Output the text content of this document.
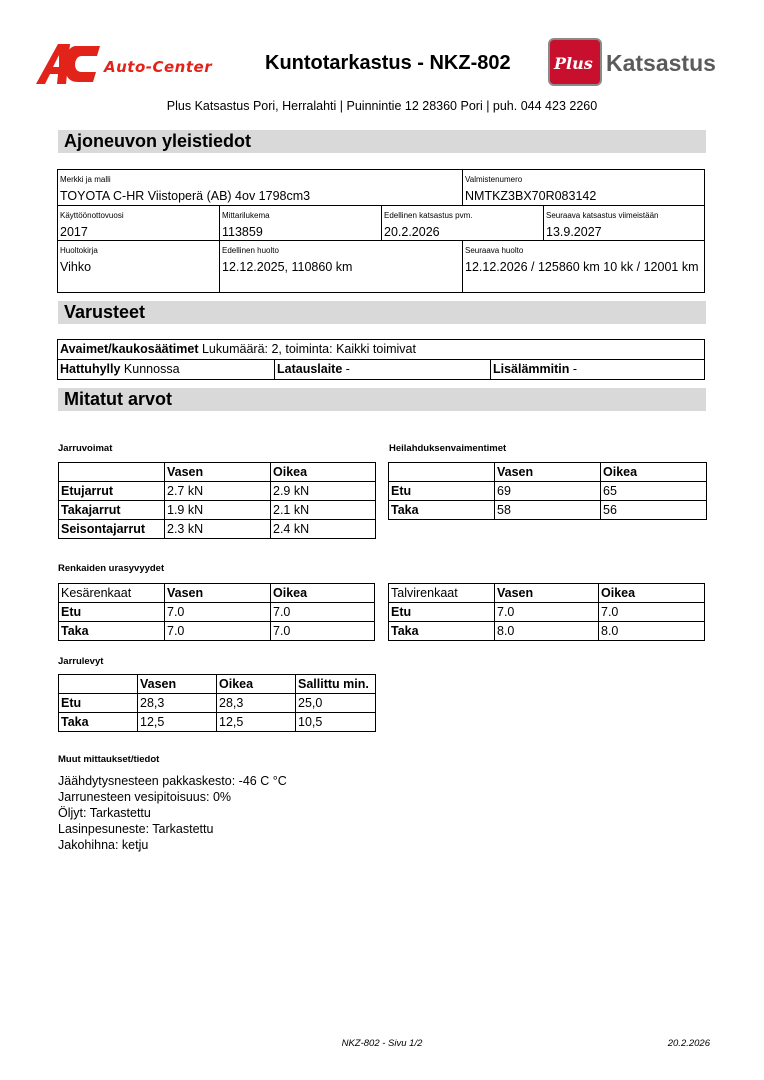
Auto-Center	Kuntotarkastus - NKZ-802	Plus Katsastus
Plus Katsastus Pori, Herralahti | Puinnintie 12 28360 Pori | puh. 044 423 2260
Ajoneuvon yleistiedot
Merkki ja malli
TOYOTA C-HR Viistoperä (AB) 4ov 1798cm3
Valmistenumero
NMTKZ3BX70R083142
Käyttöönottovuosi
2017
Mittarilukema
113859
Edellinen katsastus pvm.
20.2.2026
Seuraava katsastus viimeistään
13.9.2027
Huoltokirja
Vihko
Edellinen huolto
12.12.2025, 110860 km
Seuraava huolto
12.12.2026 / 125860 km 10 kk / 12001 km
Varusteet
Avaimet/kaukosäätimet Lukumäärä: 2, toiminta: Kaikki toimivat
Hattuhylly Kunnossa	Latauslaite -	Lisälämmitin -
Mitatut arvot
Jarruvoimat	Heilahduksenvaimentimet
	Vasen	Oikea
Etujarrut	2.7 kN	2.9 kN
Takajarrut	1.9 kN	2.1 kN
Seisontajarrut	2.3 kN	2.4 kN
	Vasen	Oikea
Etu	69	65
Taka	58	56
Renkaiden urasyvyydet
Kesärenkaat	Vasen	Oikea
Etu	7.0	7.0
Taka	7.0	7.0
Talvirenkaat	Vasen	Oikea
Etu	7.0	7.0
Taka	8.0	8.0
Jarrulevyt
	Vasen	Oikea	Sallittu min.
Etu	28,3	28,3	25,0
Taka	12,5	12,5	10,5
Muut mittaukset/tiedot
Jäähdytysnesteen pakkaskesto: -46 C °C
Jarrunesteen vesipitoisuus: 0%
Öljyt: Tarkastettu
Lasinpesuneste: Tarkastettu
Jakohihna: ketju
NKZ-802 - Sivu 1/2	20.2.2026
